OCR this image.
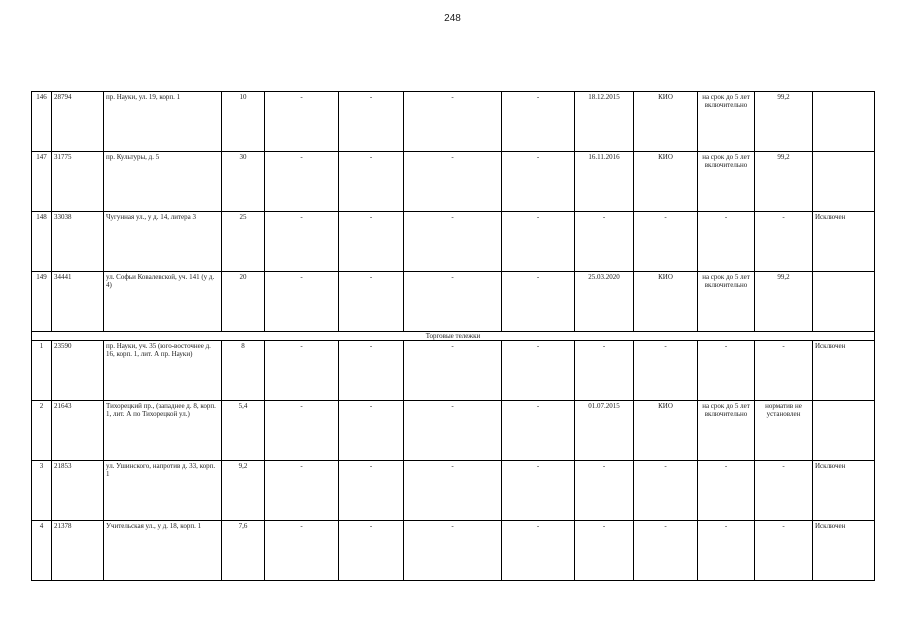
248
146	28794	пр. Науки, ул. 19, корп. 1	10	-	-	-	-	18.12.2015	КИО	на срок до 5 лет включительно	99,2	
147	31775	пр. Культуры, д. 5	30	-	-	-	-	16.11.2016	КИО	на срок до 5 лет включительно	99,2	
148	33038	Чугунная ул., у д. 14, литера 3	25	-	-	-	-	-	-	-	-	Исключен
149	34441	ул. Софьи Ковалевской, уч. 141 (у д. 4)	20	-	-	-	-	25.03.2020	КИО	на срок до 5 лет включительно	99,2	
Торговые тележки												
1	23590	пр. Науки, уч. 35 (юго-восточнее д. 16, корп. 1, лит. А пр. Науки)	8	-	-	-	-	-	-	-	-	Исключен
2	21643	Тихорецкий пр., (западнее д. 8, корп. 1, лит. А по Тихорецкой ул.)	5,4	-	-	-	-	01.07.2015	КИО	на срок до 5 лет включительно	норматив не установлен	
3	21853	ул. Ушинского, напротив д. 33, корп. 1	9,2	-	-	-	-	-	-	-	-	Исключен
4	21378	Учительская ул., у д. 18, корп. 1	7,6	-	-	-	-	-	-	-	-	Исключен
